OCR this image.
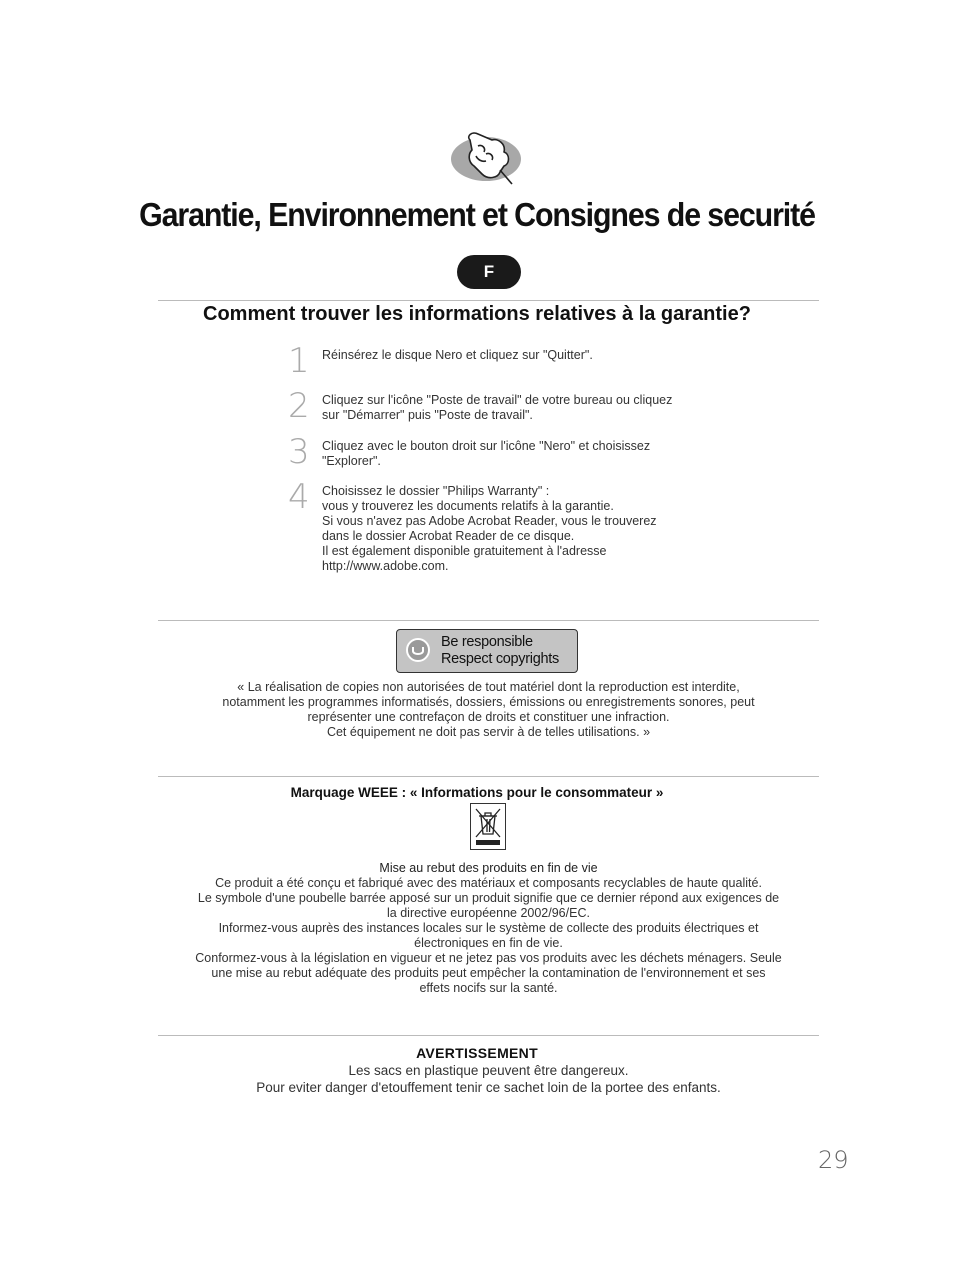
Garantie, Environnement et Consignes de securité
F
Comment trouver les informations relatives à la garantie?
1 Réinsérez le disque Nero et cliquez sur "Quitter".
2 Cliquez sur l'icône "Poste de travail" de votre bureau ou cliquez
sur "Démarrer" puis "Poste de travail".
3 Cliquez avec le bouton droit sur l'icône "Nero" et choisissez
"Explorer".
4 Choisissez le dossier "Philips Warranty" :
vous y trouverez les documents relatifs à la garantie.
Si vous n'avez pas Adobe Acrobat Reader, vous le trouverez
dans le dossier Acrobat Reader de ce disque.
Il est également disponible gratuitement à l'adresse
http://www.adobe.com.
Be responsible
Respect copyrights
« La réalisation de copies non autorisées de tout matériel dont la reproduction est interdite,
notamment les programmes informatisés, dossiers, émissions ou enregistrements sonores, peut
représenter une contrefaçon de droits et constituer une infraction.
Cet équipement ne doit pas servir à de telles utilisations. »
Marquage WEEE : « Informations pour le consommateur »
Mise au rebut des produits en fin de vie
Ce produit a été conçu et fabriqué avec des matériaux et composants recyclables de haute qualité.
Le symbole d'une poubelle barrée apposé sur un produit signifie que ce dernier répond aux exigences de
la directive européenne 2002/96/EC.
Informez-vous auprès des instances locales sur le système de collecte des produits électriques et
électroniques en fin de vie.
Conformez-vous à la législation en vigueur et ne jetez pas vos produits avec les déchets ménagers. Seule
une mise au rebut adéquate des produits peut empêcher la contamination de l'environnement et ses
effets nocifs sur la santé.
AVERTISSEMENT
Les sacs en plastique peuvent être dangereux.
Pour eviter danger d'etouffement tenir ce sachet loin de la portee des enfants.
29
